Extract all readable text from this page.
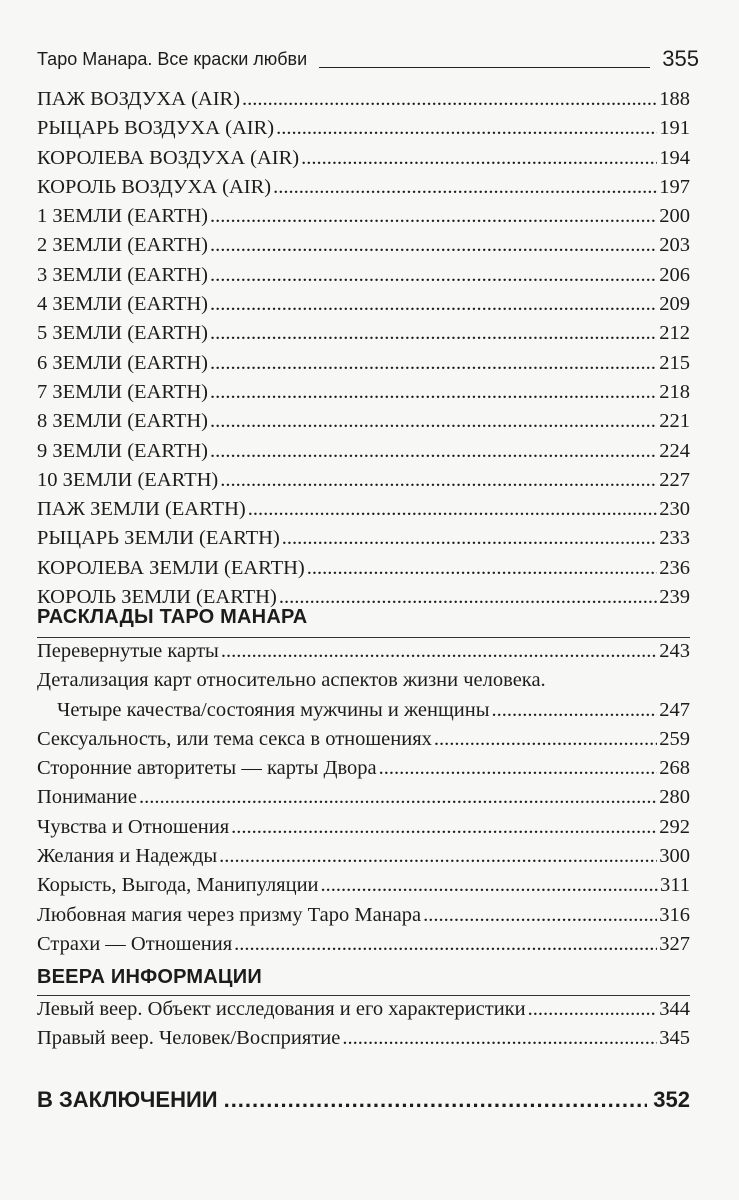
Таро Манара. Все краски любви	355
ПАЖ ВОЗДУХА (AIR) .....	188
РЫЦАРЬ ВОЗДУХА (AIR) .....	191
КОРОЛЕВА ВОЗДУХА (AIR) .....	194
КОРОЛЬ ВОЗДУХА (AIR) .....	197
1 ЗЕМЛИ (EARTH) .....	200
2 ЗЕМЛИ (EARTH) .....	203
3 ЗЕМЛИ (EARTH) .....	206
4 ЗЕМЛИ (EARTH) .....	209
5 ЗЕМЛИ (EARTH) .....	212
6 ЗЕМЛИ (EARTH) .....	215
7 ЗЕМЛИ (EARTH) .....	218
8 ЗЕМЛИ (EARTH) .....	221
9 ЗЕМЛИ (EARTH) .....	224
10 ЗЕМЛИ (EARTH) .....	227
ПАЖ ЗЕМЛИ (EARTH) .....	230
РЫЦАРЬ ЗЕМЛИ (EARTH) .....	233
КОРОЛЕВА ЗЕМЛИ (EARTH) .....	236
КОРОЛЬ ЗЕМЛИ (EARTH) .....	239
РАСКЛАДЫ ТАРО МАНАРА
Перевернутые карты .....	243
Детализация карт относительно аспектов жизни человека.
Четыре качества/состояния мужчины и женщины .....	247
Сексуальность, или тема секса в отношениях .....	259
Сторонние авторитеты — карты Двора .....	268
Понимание .....	280
Чувства и Отношения .....	292
Желания и Надежды .....	300
Корысть, Выгода, Манипуляции .....	311
Любовная магия через призму Таро Манара .....	316
Страхи — Отношения .....	327
ВЕЕРА ИНФОРМАЦИИ
Левый веер. Объект исследования и его характеристики .....	344
Правый веер. Человек/Восприятие .....	345
В ЗАКЛЮЧЕНИИ .....	352
